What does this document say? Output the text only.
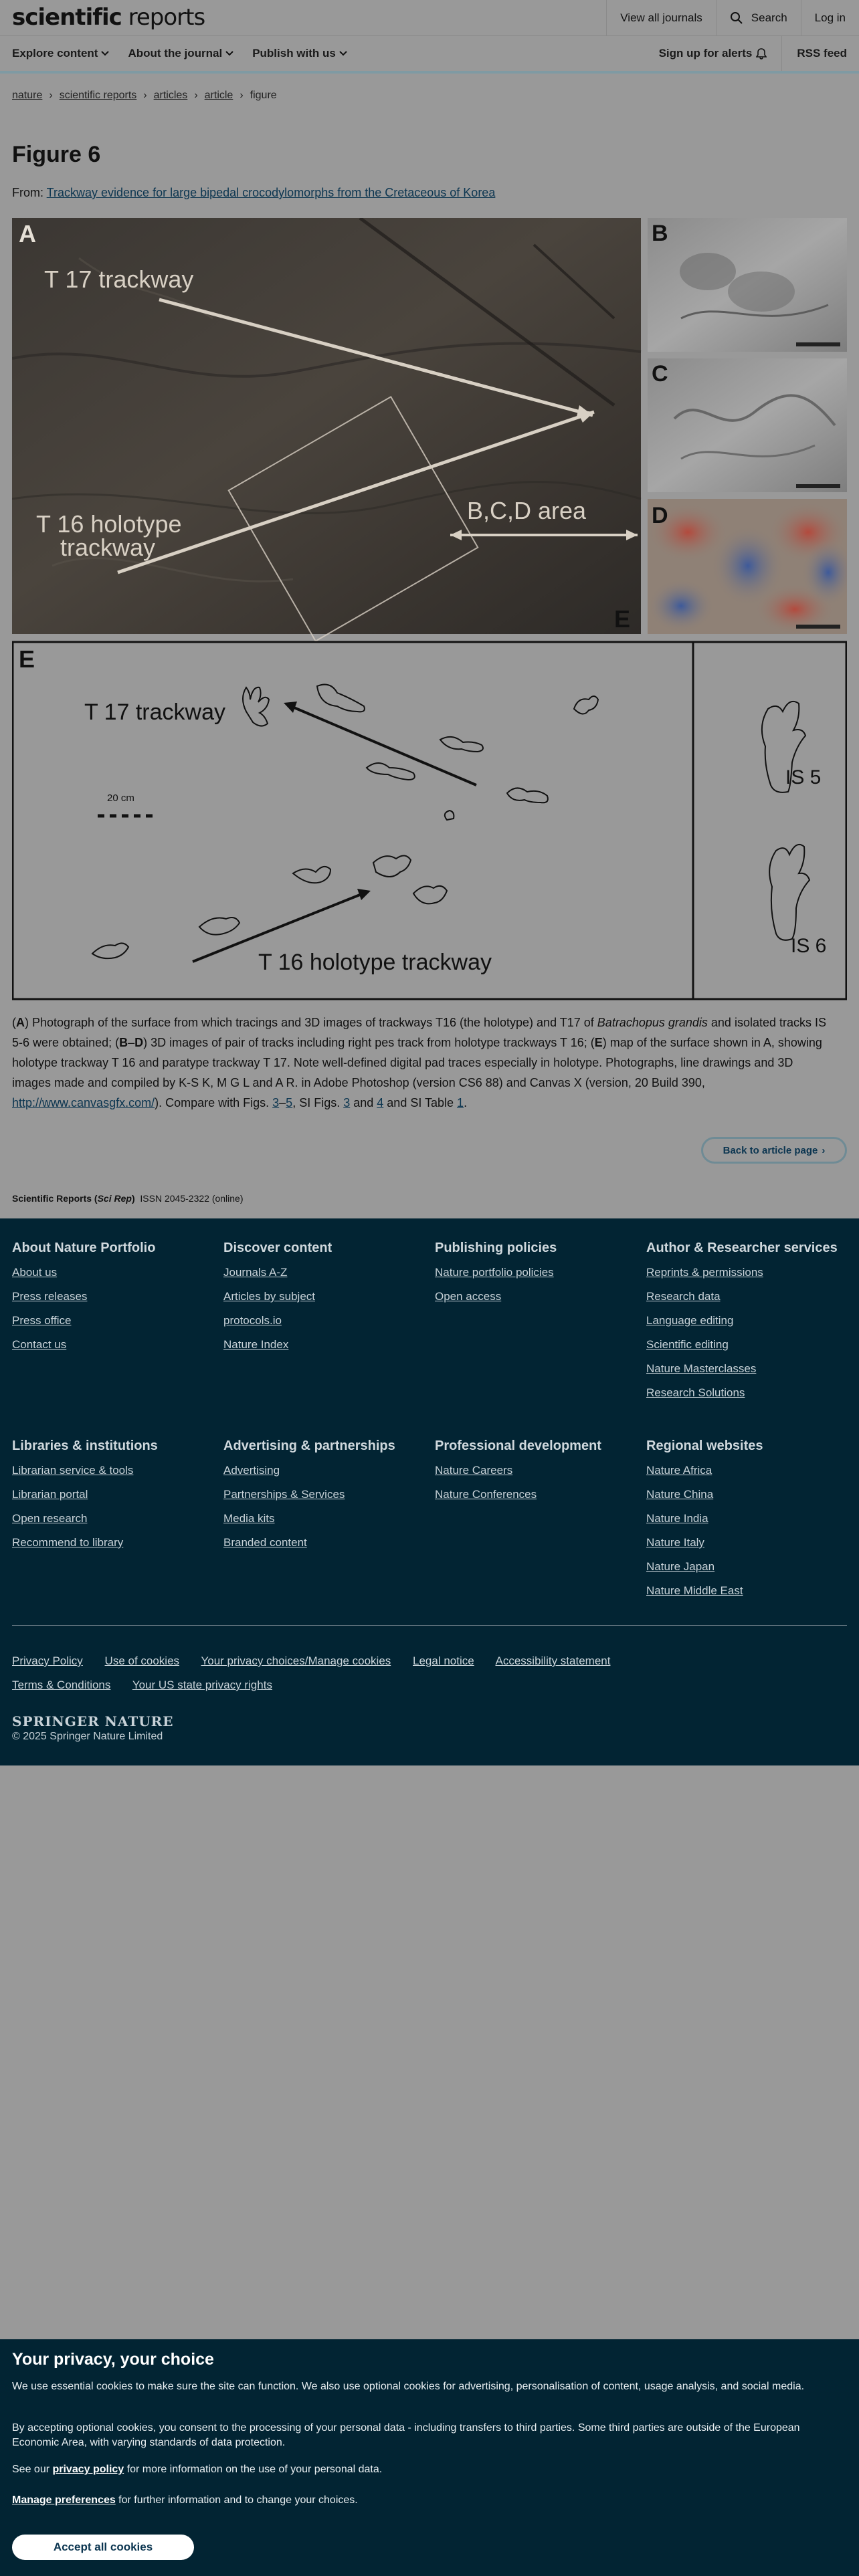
scientific reports	View all journals	Search	Log in
Explore content	About the journal	Publish with us	Sign up for alerts	RSS feed
nature › scientific reports › articles › article › figure
Figure 6
From: Trackway evidence for large bipedal crocodylomorphs from the Cretaceous of Korea
A
T 17 trackway
T 16 holotype
trackway
B,C,D area
E
B
C
D
E
T 17 trackway
T 16 holotype trackway
20 cm
IS 5
IS 6

(A) Photograph of the surface from which tracings and 3D images of trackways T16 (the holotype) and T17 of Batrachopus grandis and isolated tracks IS 5-6 were obtained; (B–D) 3D images of pair of tracks including right pes track from holotype trackways T 16; (E) map of the surface shown in A, showing holotype trackway T 16 and paratype trackway T 17. Note well-defined digital pad traces especially in holotype. Photographs, line drawings and 3D images made and compiled by K-S K, M G L and A R. in Adobe Photoshop (version CS6 88) and Canvas X (version, 20 Build 390, http://www.canvasgfx.com/). Compare with Figs. 3–5, SI Figs. 3 and 4 and SI Table 1.

Back to article page ›
Scientific Reports (Sci Rep) ISSN 2045-2322 (online)
About Nature Portfolio
About us
Press releases
Press office
Contact us
Discover content
Journals A-Z
Articles by subject
protocols.io
Nature Index
Publishing policies
Nature portfolio policies
Open access
Author & Researcher services
Reprints & permissions
Research data
Language editing
Scientific editing
Nature Masterclasses
Research Solutions
Libraries & institutions
Librarian service & tools
Librarian portal
Open research
Recommend to library
Advertising & partnerships
Advertising
Partnerships & Services
Media kits
Branded content
Professional development
Nature Careers
Nature Conferences
Regional websites
Nature Africa
Nature China
Nature India
Nature Italy
Nature Japan
Nature Middle East
Privacy Policy Use of cookies Your privacy choices/Manage cookies Legal notice Accessibility statement
Terms & Conditions Your US state privacy rights
SPRINGER NATURE
© 2025 Springer Nature Limited
Your privacy, your choice

We use essential cookies to make sure the site can function. We also use optional cookies for advertising, personalisation of content, usage analysis, and social media.

By accepting optional cookies, you consent to the processing of your personal data - including transfers to third parties. Some third parties are outside of the European Economic Area, with varying standards of data protection.

See our privacy policy for more information on the use of your personal data.

Manage preferences for further information and to change your choices.

Accept all cookies
